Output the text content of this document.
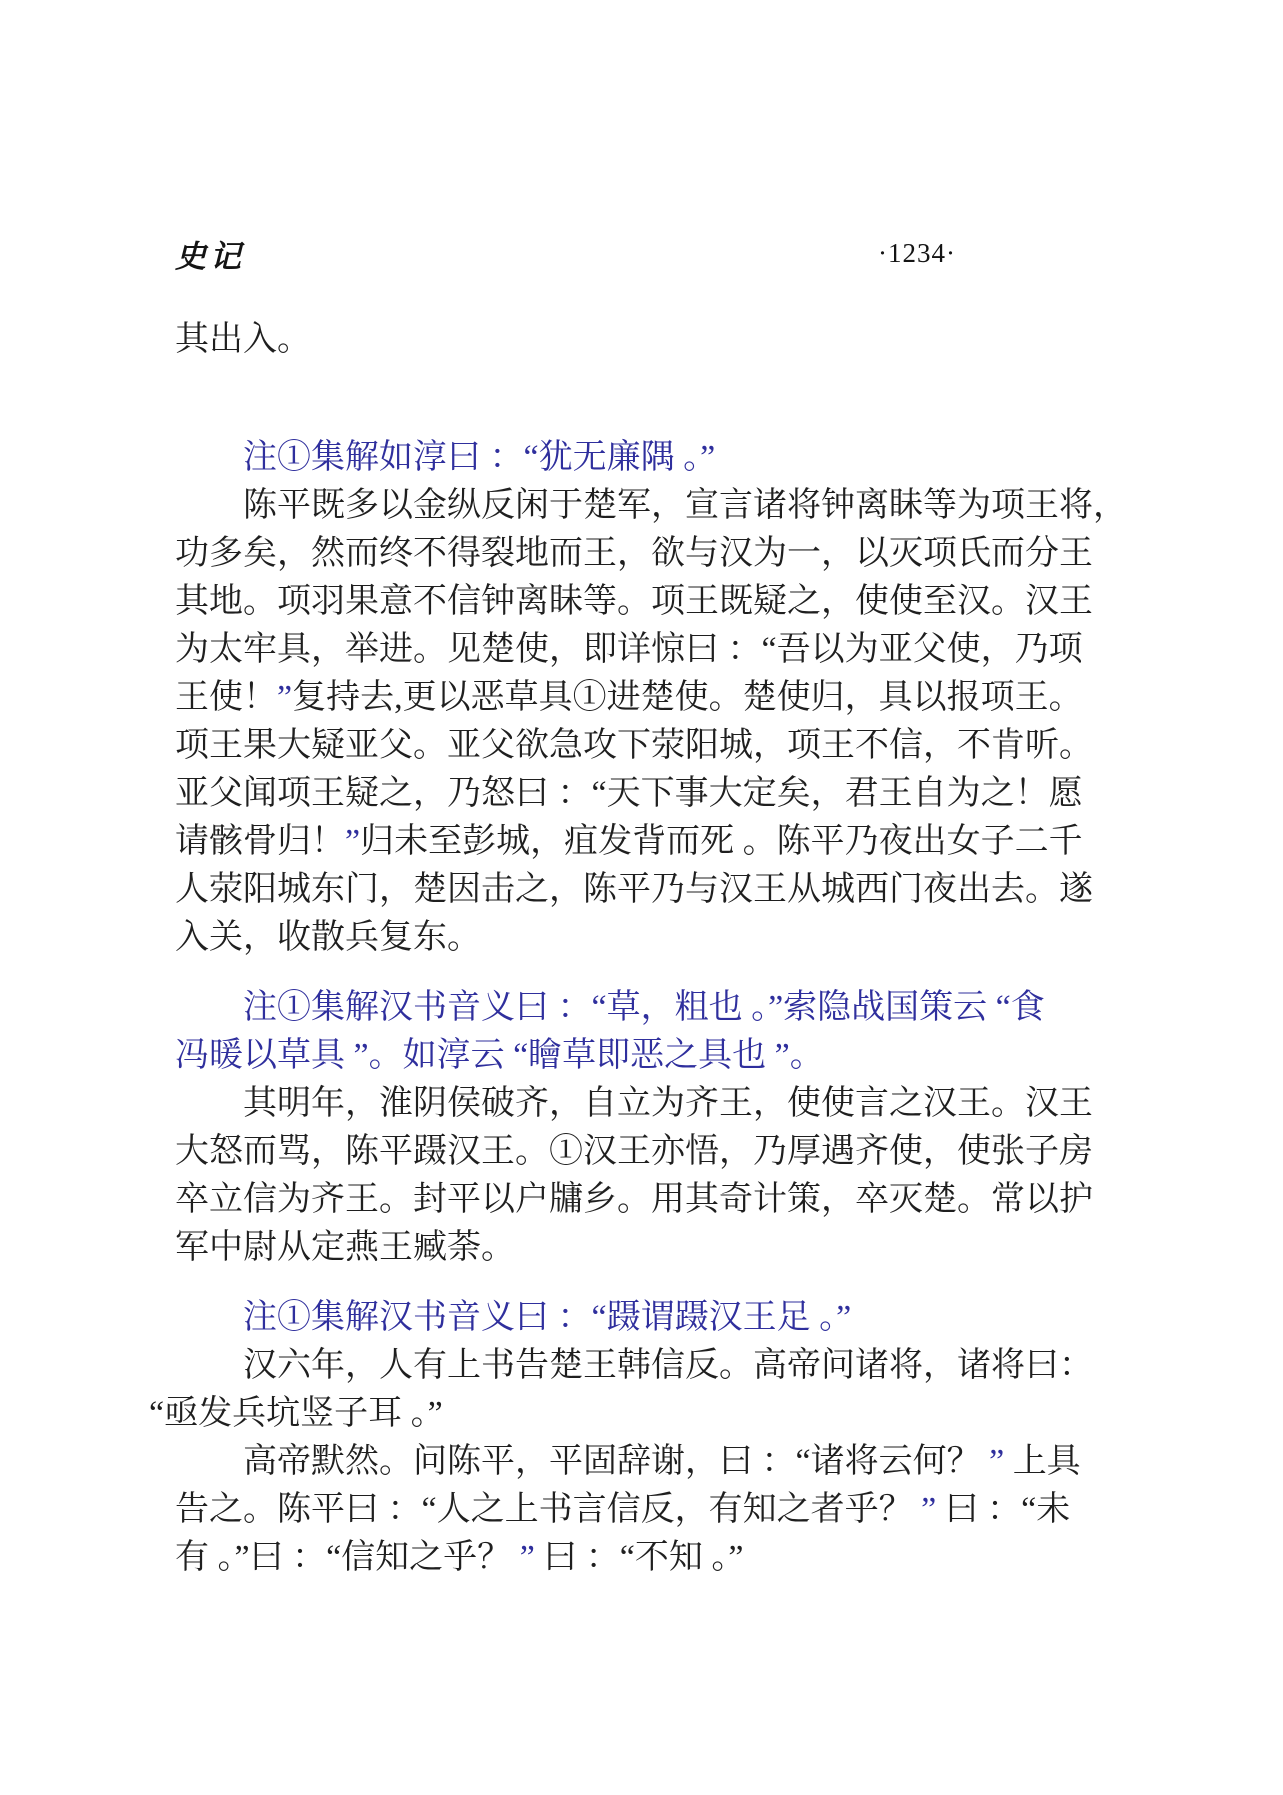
史记	·1234·
其出入。
注①集解如淳曰 ：“犹无廉隅 。”
陈平既多以金纵反闲于楚军，宣言诸将钟离眛等为项王将，
功多矣，然而终不得裂地而王，欲与汉为一，以灭项氏而分王
其地。项羽果意不信钟离眛等。项王既疑之，使使至汉。汉王
为太牢具，举进。见楚使，即详惊曰 ：“吾以为亚父使，乃项
王使！”复持去,更以恶草具①进楚使。楚使归，具以报项王。
项王果大疑亚父。亚父欲急攻下荥阳城，项王不信，不肯听。
亚父闻项王疑之，乃怒曰 ：“天下事大定矣，君王自为之！愿
请骸骨归！”归未至彭城，疽发背而死 。陈平乃夜出女子二千
人荥阳城东门，楚因击之，陈平乃与汉王从城西门夜出去。遂
入关，收散兵复东。
注①集解汉书音义曰 ：“草，粗也 。”索隐战国策云 “食
冯暖以草具 ”。如淳云 “瞺草即恶之具也 ”。
其明年，淮阴侯破齐，自立为齐王，使使言之汉王。汉王
大怒而骂，陈平蹑汉王。①汉王亦悟，乃厚遇齐使，使张子房
卒立信为齐王。封平以户牗乡。用其奇计策，卒灭楚。常以护
军中尉从定燕王臧荼。
注①集解汉书音义曰 ：“蹑谓蹑汉王足 。”
汉六年，人有上书告楚王韩信反。高帝问诸将，诸将曰：
“亟发兵坑竖子耳 。”
高帝默然。问陈平，平固辞谢，曰 ：“诸将云何？ ” 上具
告之。陈平曰 ：“人之上书言信反，有知之者乎？ ” 曰 ：“未
有 。”曰 ：“信知之乎？ ” 曰 ：“不知 。”
